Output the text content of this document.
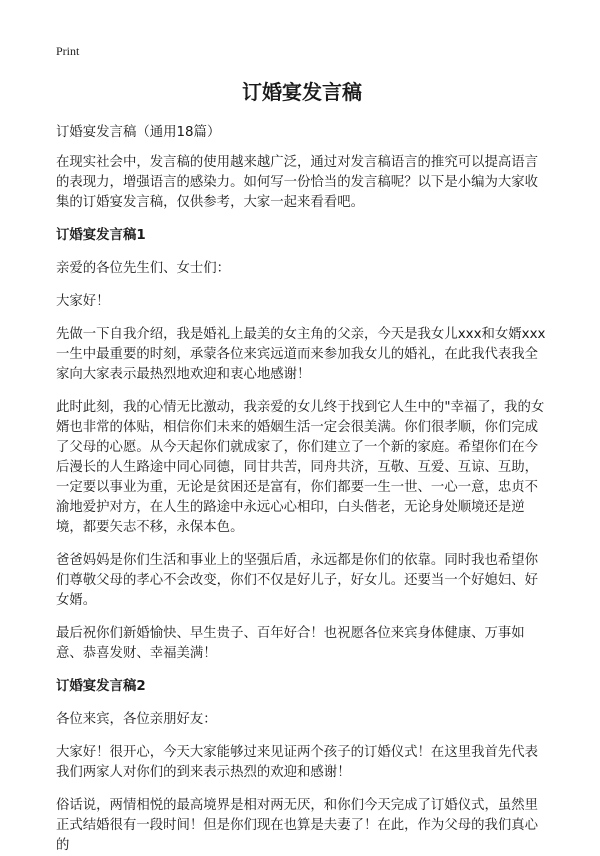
Print
订婚宴发言稿
订婚宴发言稿（通用18篇）

在现实社会中，发言稿的使用越来越广泛，通过对发言稿语言的推究可以提高语言的表现力，增强语言的感染力。如何写一份恰当的发言稿呢？以下是小编为大家收集的订婚宴发言稿，仅供参考，大家一起来看看吧。

订婚宴发言稿1

亲爱的各位先生们、女士们：

大家好！

先做一下自我介绍，我是婚礼上最美的女主角的父亲，今天是我女儿xxx和女婿xxx一生中最重要的时刻，承蒙各位来宾远道而来参加我女儿的婚礼，在此我代表我全家向大家表示最热烈地欢迎和衷心地感谢！

此时此刻，我的心情无比激动，我亲爱的女儿终于找到它人生中的"幸福了，我的女婿也非常的体贴，相信你们未来的婚姻生活一定会很美满。你们很孝顺，你们完成了父母的心愿。从今天起你们就成家了，你们建立了一个新的家庭。希望你们在今后漫长的人生路途中同心同德，同甘共苦，同舟共济，互敬、互爱、互谅、互助，一定要以事业为重，无论是贫困还是富有，你们都要一生一世、一心一意，忠贞不渝地爱护对方，在人生的路途中永远心心相印，白头偕老，无论身处顺境还是逆境，都要矢志不移，永保本色。

爸爸妈妈是你们生活和事业上的坚强后盾，永远都是你们的依靠。同时我也希望你们尊敬父母的孝心不会改变，你们不仅是好儿子，好女儿。还要当一个好媳妇、好女婿。

最后祝你们新婚愉快、早生贵子、百年好合！也祝愿各位来宾身体健康、万事如意、恭喜发财、幸福美满！

订婚宴发言稿2

各位来宾，各位亲朋好友：

大家好！很开心，今天大家能够过来见证两个孩子的订婚仪式！在这里我首先代表我们两家人对你们的到来表示热烈的欢迎和感谢！

俗话说，两情相悦的最高境界是相对两无厌，和你们今天完成了订婚仪式，虽然里正式结婚很有一段时间！但是你们现在也算是夫妻了！在此，作为父母的我们真心的
